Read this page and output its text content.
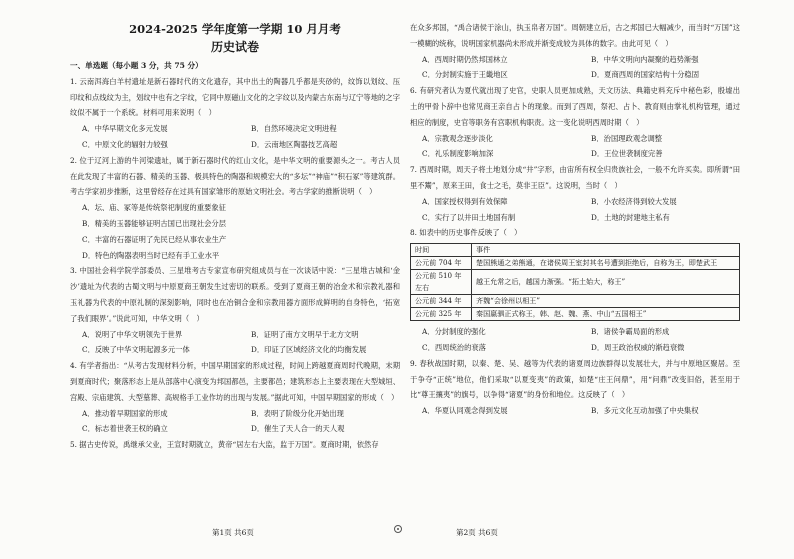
2024-2025 学年度第一学期 10 月月考
历史试卷
一、单选题（每小题 3 分，共 75 分）
1. 云南洱海白羊村遗址是新石器时代的文化遗存，其中出土的陶器几乎都是夹砂的，纹饰以划纹、压印纹和点线纹为主，划纹中也有之字纹，它同中原磁山文化的之字纹以及内蒙古东南与辽宁等地的之字纹似不属于一个系统。材料可用来说明（　）
A．中华早期文化多元发展	B．自然环境决定文明进程
C．中原文化的辐射力较强	D．云南地区陶器技艺高超
2. 位于辽河上游的牛河梁遗址，属于新石器时代的红山文化，是中华文明的重要源头之一。考古人员在此发现了丰富的石器、精美的玉器、极具特色的陶器和规模宏大的“多坛”“神庙”“积石冢”等建筑群。考古学家初步推断，这里曾经存在过具有国家雏形的原始文明社会。考古学家的推断说明（　）
A．坛、庙、冢等是传统祭祀制度的重要象征
B．精美的玉器能够证明古国已出现社会分层
C．丰富的石器证明了先民已经从事农业生产
D．特色的陶器表明当时已经有手工业水平
3. 中国社会科学院学部委员、三星堆考古专家宣布研究组成员与在一次谈话中说：“三星堆古城和‘金沙’遗址为代表的古蜀文明与中原夏商王朝发生过密切的联系。受到了夏商王朝的冶金术和宗教礼器和玉礼器为代表的中原礼制的深刻影响，同时也在冶铜合金和宗教用器方面形成鲜明的自身特色，‘拓宽了我们眼界’。”说此可知，中华文明（　）
A．说明了中华文明领先于世界	B．证明了南方文明早于北方文明
C．反映了中华文明起源多元一体	D．印证了区域经济文化的均衡发展
4. 有学者指出：“从考古发现材料分析，中国早期国家的形成过程，时间上跨越夏商周时代晚期，末期到夏商时代；聚落形态上是从部落中心演变为邦国都邑，主要都邑；建筑形态上主要表现在大型城垣、宫殿、宗庙建筑、大型墓葬、高规格手工业作坊的出现与发展。”据此可知，中国早期国家的形成（　）
A．推动着早期国家的形成	B．表明了阶级分化开始出现
C．标志着世袭王权的确立	D．催生了天人合一的天人观
5. 据古史传说，禹继承父业，王宣时期就立，黄帝“居左右大监，监于万国”。夏商时期，依然存
在众多邦国，“禹合诸侯于涂山，执玉帛者万国”。周朝建立后，古之邦国已大幅减少，而当时“万国”这一模糊的统称，说明国家机器尚未形成并渐变成较为具体的数字。由此可见（　）
A．西周时期仍然邦国林立	B．中华文明向内凝聚的趋势渐强
C．分封制实施于王畿地区	D．夏商西周的国家结构十分稳固
6. 有研究者认为夏代就出现了史官，史职人员更加成熟，天文历法、典籍史料充斥中秘色彩，殷墟出土的甲骨卜辞中也常见商王亲自占卜的现象。而到了西周，祭祀、占卜、教育则由掌礼机构管理，通过相应的制度，史官等职务有宫职机构职责。这一变化说明西周时期（　）
A．宗教观念逐步淡化	B．治国理政观念调整
C．礼乐制度影响加深	D．王位世袭制度完善
7. 西周时期，周天子将土地划分成“井”字形，由宙所有权全归贵族社会，一般不允许买卖。即所谓“田里不鬻”，原来王田，食士之毛，莫非王臣”。这说明，当时（　）
A．国家授权得到有效保障	B．小农经济得到较大发展
C．实行了以井田土地国有制	D．土地的封建地主私有
8. 如表中的历史事件反映了（　）
时间	事件
公元前 704 年	楚国熊通之弟熊通，在诸侯周王室封其名号遭到拒绝后，自称为王，即楚武王
公元前 510 年左右	越王允常之后，越国力渐强。“拓土始大，称王”
公元前 344 年	齐魏“会徐州以相王”
公元前 325 年	秦国嬴驷正式称王，韩、赵、魏、燕、中山“五国相王”
A．分封制度的强化	B．诸侯争霸局面的形成
C．西周统治的衰落	D．周王政治权威的渐趋衰微
9. 春秋战国时期，以秦、楚、吴、越等为代表的诸夏周边族群得以发展壮大，并与中原地区聚居。至于争夺“正统”地位，他们采取“以夏变夷”的政策，如楚“庄王问鼎”，用“问鼎”改变旧俗，甚至用于比“尊王攘夷”的旗号，以争得“诸夏”的身份和地位。这反映了（　）
A．华夏认同观念得到发展	B．多元文化互动加强了中央集权
第1页 共6页	第2页 共6页
